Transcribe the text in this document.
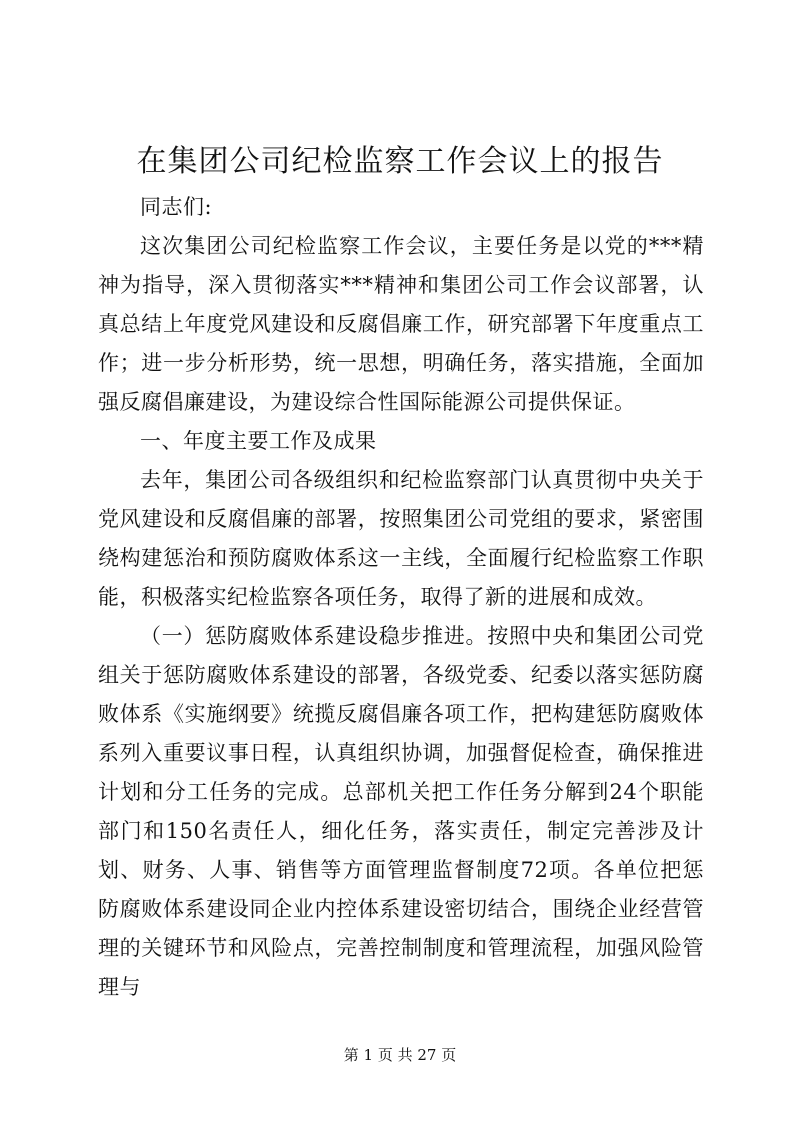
在集团公司纪检监察工作会议上的报告

同志们:

这次集团公司纪检监察工作会议，主要任务是以党的***精神为指导，深入贯彻落实***精神和集团公司工作会议部署，认真总结上年度党风建设和反腐倡廉工作，研究部署下年度重点工作；进一步分析形势，统一思想，明确任务，落实措施，全面加强反腐倡廉建设，为建设综合性国际能源公司提供保证。

一、年度主要工作及成果

去年，集团公司各级组织和纪检监察部门认真贯彻中央关于党风建设和反腐倡廉的部署，按照集团公司党组的要求，紧密围绕构建惩治和预防腐败体系这一主线，全面履行纪检监察工作职能，积极落实纪检监察各项任务，取得了新的进展和成效。

（一）惩防腐败体系建设稳步推进。按照中央和集团公司党组关于惩防腐败体系建设的部署，各级党委、纪委以落实惩防腐败体系《实施纲要》统揽反腐倡廉各项工作，把构建惩防腐败体系列入重要议事日程，认真组织协调，加强督促检查，确保推进计划和分工任务的完成。总部机关把工作任务分解到24个职能部门和150名责任人，细化任务，落实责任，制定完善涉及计划、财务、人事、销售等方面管理监督制度72项。各单位把惩防腐败体系建设同企业内控体系建设密切结合，围绕企业经营管理的关键环节和风险点，完善控制制度和管理流程，加强风险管理与

第 1 页 共 27 页
